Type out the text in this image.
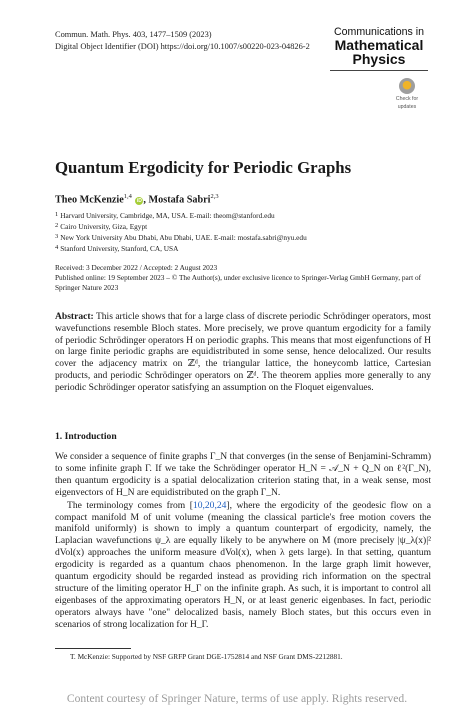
Commun. Math. Phys. 403, 1477–1509 (2023)
Digital Object Identifier (DOI) https://doi.org/10.1007/s00220-023-04826-2
Communications in
Mathematical
Physics
Check for
updates
Quantum Ergodicity for Periodic Graphs
Theo McKenzie$^{1,4}$ iD , Mostafa Sabri$^{2,3}$
$^1$ Harvard University, Cambridge, MA, USA. E-mail: theom@stanford.edu
$^2$ Cairo University, Giza, Egypt
$^3$ New York University Abu Dhabi, Abu Dhabi, UAE. E-mail: mostafa.sabri@nyu.edu
$^4$ Stanford University, Stanford, CA, USA
Received: 3 December 2022 / Accepted: 2 August 2023
Published online: 19 September 2023 – © The Author(s), under exclusive licence to Springer-Verlag GmbH Germany, part of Springer Nature 2023
Abstract: This article shows that for a large class of discrete periodic Schrödinger operators, most wavefunctions resemble Bloch states. More precisely, we prove quantum ergodicity for a family of periodic Schrödinger operators H on periodic graphs. This means that most eigenfunctions of H on large finite periodic graphs are equidistributed in some sense, hence delocalized. Our results cover the adjacency matrix on ℤᵈ, the triangular lattice, the honeycomb lattice, Cartesian products, and periodic Schrödinger operators on ℤᵈ. The theorem applies more generally to any periodic Schrödinger operator satisfying an assumption on the Floquet eigenvalues.
1. Introduction

We consider a sequence of finite graphs Γ_N that converges (in the sense of Benjamini-Schramm) to some infinite graph Γ. If we take the Schrödinger operator H_N = 𝒜_N + Q_N on ℓ²(Γ_N), then quantum ergodicity is a spatial delocalization criterion stating that, in a weak sense, most eigenvectors of H_N are equidistributed on the graph Γ_N.

The terminology comes from [10,20,24], where the ergodicity of the geodesic flow on a compact manifold M of unit volume (meaning the classical particle's free motion covers the manifold uniformly) is shown to imply a quantum counterpart of ergodicity, namely, the Laplacian wavefunctions ψ_λ are equally likely to be anywhere on M (more precisely |ψ_λ(x)|² dVol(x) approaches the uniform measure dVol(x), when λ gets large). In that setting, quantum ergodicity is regarded as a quantum chaos phenomenon. In the large graph limit however, quantum ergodicity should be regarded instead as providing rich information on the spectral structure of the limiting operator H_Γ on the infinite graph. As such, it is important to control all eigenbases of the approximating operators H_N, or at least generic eigenbases. In fact, periodic operators always have "one" delocalized basis, namely Bloch states, but this occurs even in scenarios of strong localization for H_Γ.

T. McKenzie: Supported by NSF GRFP Grant DGE-1752814 and NSF Grant DMS-2212881.
Content courtesy of Springer Nature, terms of use apply. Rights reserved.
